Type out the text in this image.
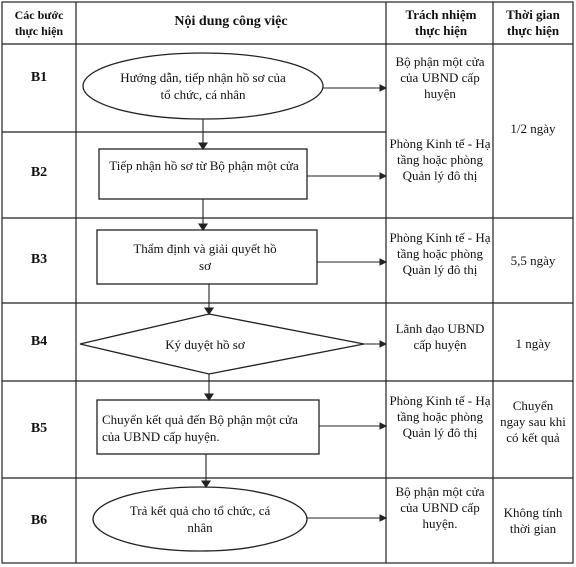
Các bước thực hiện
Nội dung công việc	Trách nhiệm thực hiện
Thời gian thực hiện
B1
B2
B3
B4
B5
B6
Hướng dẫn, tiếp nhận hồ sơ của tổ chức, cá nhân
Tiếp nhận hồ sơ từ Bộ phận một cửa
Thẩm định và giải quyết hồ sơ
Ký duyệt hồ sơ
Chuyển kết quả đến Bộ phận một cửa của UBND cấp huyện.
Trả kết quả cho tổ chức, cá nhân
Bộ phận một cửa của UBND cấp huyện
Phòng Kinh tế - Hạ tầng hoặc phòng Quản lý đô thị
Phòng Kinh tế - Hạ tầng hoặc phòng Quản lý đô thị
Lãnh đạo UBND cấp huyện
Phòng Kinh tế - Hạ tầng hoặc phòng Quản lý đô thị
Bộ phận một cửa của UBND cấp huyện.
1/2 ngày
5,5 ngày
1 ngày
Chuyển ngay sau khi có kết quả
Không tính thời gian
